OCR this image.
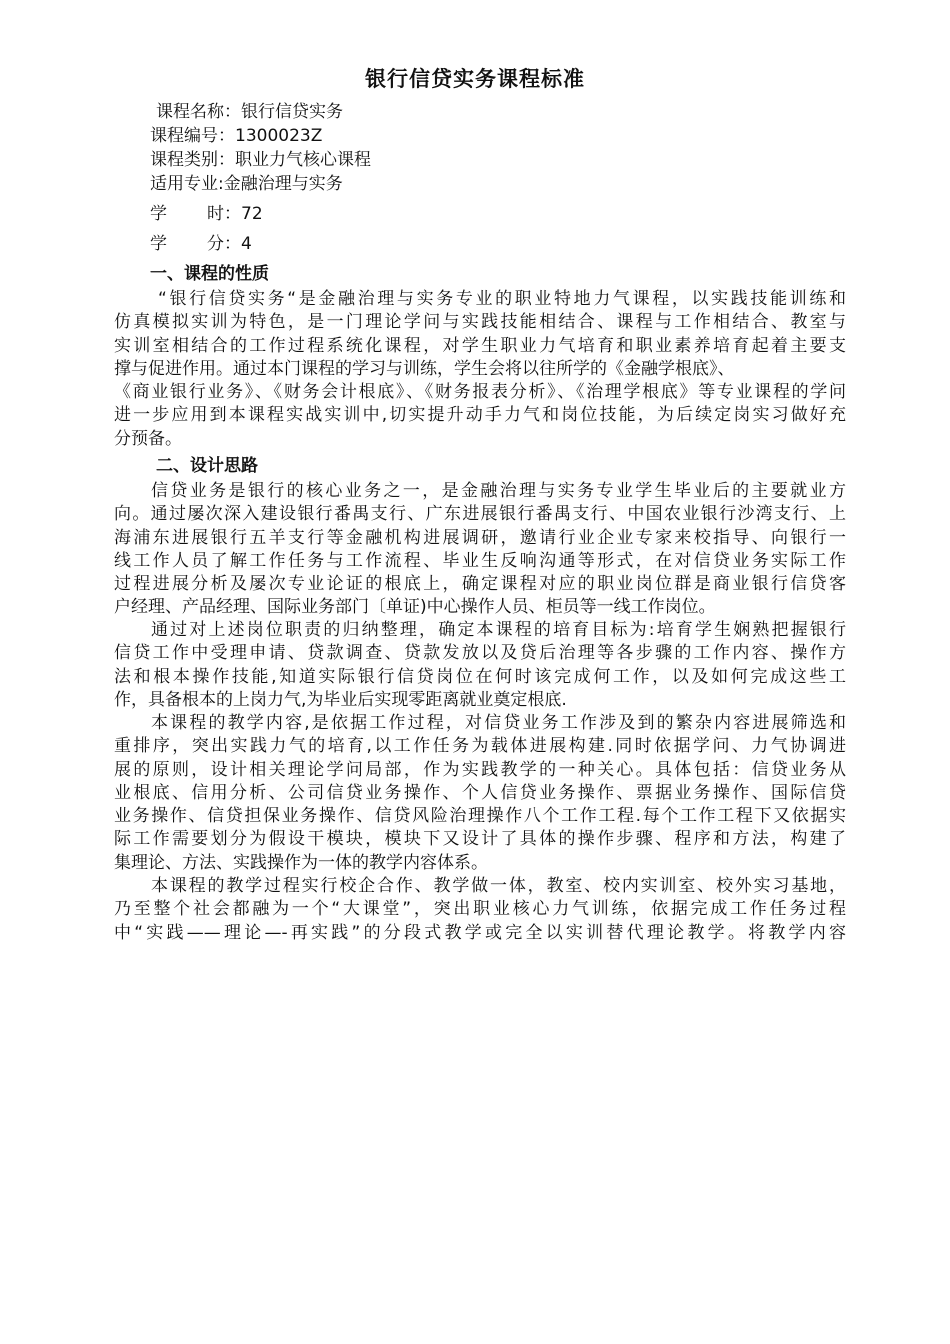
银行信贷实务课程标准
课程名称：银行信贷实务
课程编号：1300023Z
课程类别：职业力气核心课程
适用专业:金融治理与实务
学 时：72
学 分：4
一、课程的性质
“银行信贷实务“是金融治理与实务专业的职业特地力气课程，以实践技能训练和
仿真模拟实训为特色，是一门理论学问与实践技能相结合、课程与工作相结合、教室与
实训室相结合的工作过程系统化课程，对学生职业力气培育和职业素养培育起着主要支
撑与促进作用。通过本门课程的学习与训练，学生会将以往所学的《金融学根底》、
《商业银行业务》、《财务会计根底》、《财务报表分析》、《治理学根底》等专业课程的学问
进一步应用到本课程实战实训中,切实提升动手力气和岗位技能，为后续定岗实习做好充
分预备。
二、设计思路
信贷业务是银行的核心业务之一，是金融治理与实务专业学生毕业后的主要就业方
向。通过屡次深入建设银行番禺支行、广东进展银行番禺支行、中国农业银行沙湾支行、上
海浦东进展银行五羊支行等金融机构进展调研，邀请行业企业专家来校指导、向银行一
线工作人员了解工作任务与工作流程、毕业生反响沟通等形式，在对信贷业务实际工作
过程进展分析及屡次专业论证的根底上，确定课程对应的职业岗位群是商业银行信贷客
户经理、产品经理、国际业务部门〔单证)中心操作人员、柜员等一线工作岗位。
通过对上述岗位职责的归纳整理，确定本课程的培育目标为:培育学生娴熟把握银行
信贷工作中受理申请、贷款调查、贷款发放以及贷后治理等各步骤的工作内容、操作方
法和根本操作技能,知道实际银行信贷岗位在何时该完成何工作，以及如何完成这些工
作，具备根本的上岗力气,为毕业后实现零距离就业奠定根底.
本课程的教学内容,是依据工作过程，对信贷业务工作涉及到的繁杂内容进展筛选和
重排序，突出实践力气的培育,以工作任务为载体进展构建.同时依据学问、力气协调进
展的原则，设计相关理论学问局部，作为实践教学的一种关心。具体包括：信贷业务从
业根底、信用分析、公司信贷业务操作、个人信贷业务操作、票据业务操作、国际信贷
业务操作、信贷担保业务操作、信贷风险治理操作八个工作工程.每个工作工程下又依据实
际工作需要划分为假设干模块，模块下又设计了具体的操作步骤、程序和方法，构建了
集理论、方法、实践操作为一体的教学内容体系。
本课程的教学过程实行校企合作、教学做一体，教室、校内实训室、校外实习基地，
乃至整个社会都融为一个“大课堂”，突出职业核心力气训练，依据完成工作任务过程
中“实践——理论—-再实践”的分段式教学或完全以实训替代理论教学。将教学内容
